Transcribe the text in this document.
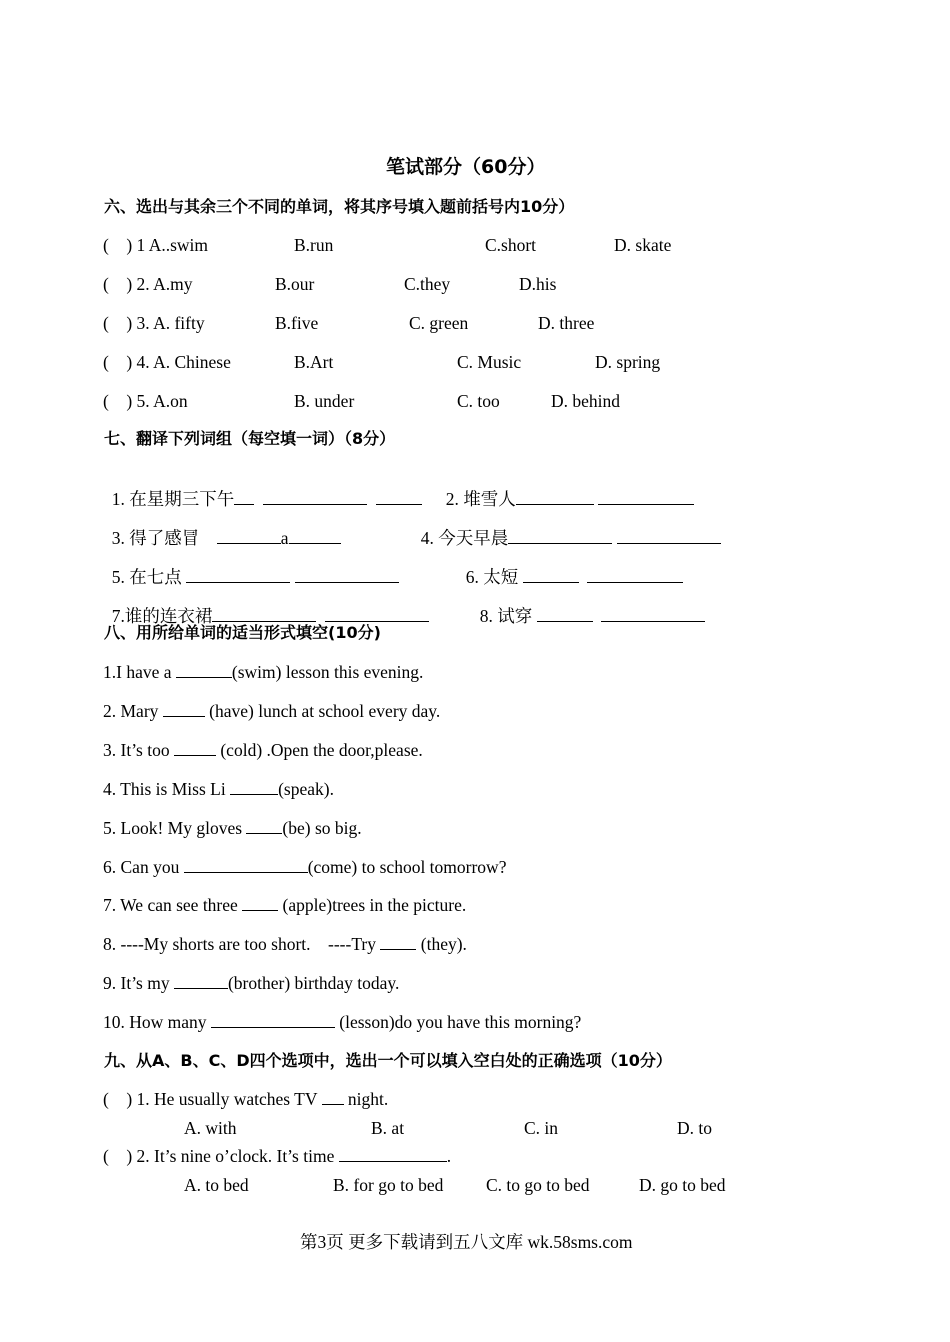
笔试部分（60分）
六、选出与其余三个不同的单词，将其序号填入题前括号内10分）
(    ) 1 A..swim	B.run	C.short	D. skate
(    ) 2. A.my	B.our	C.they	D.his
(    ) 3. A. fifty	B.five	C. green	D. three
(    ) 4. A. Chinese	B.Art	C. Music	D. spring
(    ) 5. A.on	B. under	C. too	D. behind
七、翻译下列词组（每空填一词）（8分）

1. 在星期三下午	2. 堆雪人

3. 得了感冒	a	4. 今天早晨

5. 在七点	6. 太短

7.谁的连衣裙	8. 试穿

八、用所给单词的适当形式填空(10分)
1.I have a	(swim) lesson this evening.
2. Mary  (have) lunch at school every day.
3. It’s too  (cold) .Open the door,please.
4. This is Miss Li	(speak).
5. Look! My gloves (be) so big.
6. Can you	(come) to school tomorrow?
7. We can see three  (apple)trees in the picture.
8. ----My shorts are too short.    ----Try  (they).
9. It’s my	(brother) birthday today.
10. How many	(lesson)do you have this morning?
九、从A、B、C、D四个选项中，选出一个可以填入空白处的正确选项（10分）
(    ) 1. He usually watches TV  night.
A. with	B. at	C. in	D. to
(    ) 2. It’s nine o’clock. It’s time	.
A. to bed	B. for go to bed C. to go to bed	D. go to bed
第3页 更多下载请到五八文库 wk.58sms.com
